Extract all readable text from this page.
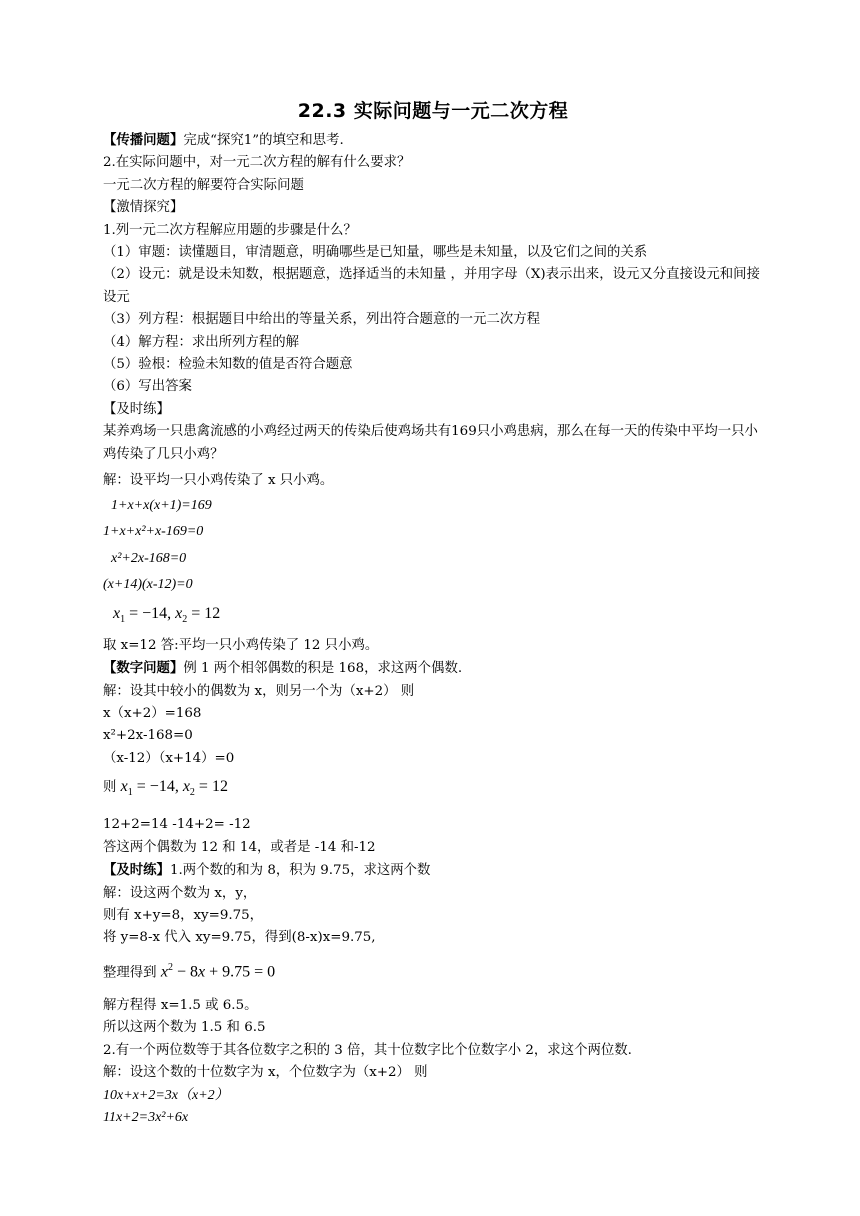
22.3 实际问题与一元二次方程
【传播问题】完成“探究1”的填空和思考.
2.在实际问题中，对一元二次方程的解有什么要求？
一元二次方程的解要符合实际问题
【激情探究】
1.列一元二次方程解应用题的步骤是什么？
（1）审题：读懂题目，审清题意，明确哪些是已知量，哪些是未知量，以及它们之间的关系
（2）设元：就是设未知数，根据题意，选择适当的未知量 ，并用字母（X)表示出来，设元又分直接设元和间接设元
（3）列方程：根据题目中给出的等量关系，列出符合题意的一元二次方程
（4）解方程：求出所列方程的解
（5）验根：检验未知数的值是否符合题意
（6）写出答案
【及时练】
某养鸡场一只患禽流感的小鸡经过两天的传染后使鸡场共有169只小鸡患病，那么在每一天的传染中平均一只小鸡传染了几只小鸡？
解：设平均一只小鸡传染了 x 只小鸡。
1+x+x(x+1)=169
1+x+x²+x-169=0
x²+2x-168=0
(x+14)(x-12)=0
$x_1 = -14$, $x_2 = 12$
取 x=12 答:平均一只小鸡传染了 12 只小鸡。
【数字问题】例 1 两个相邻偶数的积是 168，求这两个偶数.
解：设其中较小的偶数为 x，则另一个为（x+2） 则
x（x+2）=168
x²+2x-168=0
（x-12）（x+14）=0
则 $x_1 = -14$, $x_2 = 12$
12+2=14 -14+2= -12
答这两个偶数为 12 和 14，或者是 -14 和-12
【及时练】1.两个数的和为 8，积为 9.75，求这两个数
解：设这两个数为 x，y，
则有 x+y=8，xy=9.75，
将 y=8-x 代入 xy=9.75，得到(8-x)x=9.75,
整理得到 $x^2 - 8x + 9.75 = 0$
解方程得 x=1.5 或 6.5。
所以这两个数为 1.5 和 6.5
2.有一个两位数等于其各位数字之积的 3 倍，其十位数字比个位数字小 2，求这个两位数.
解：设这个数的十位数字为 x，个位数字为（x+2） 则
10x+x+2=3x（x+2）
11x+2=3x²+6x
